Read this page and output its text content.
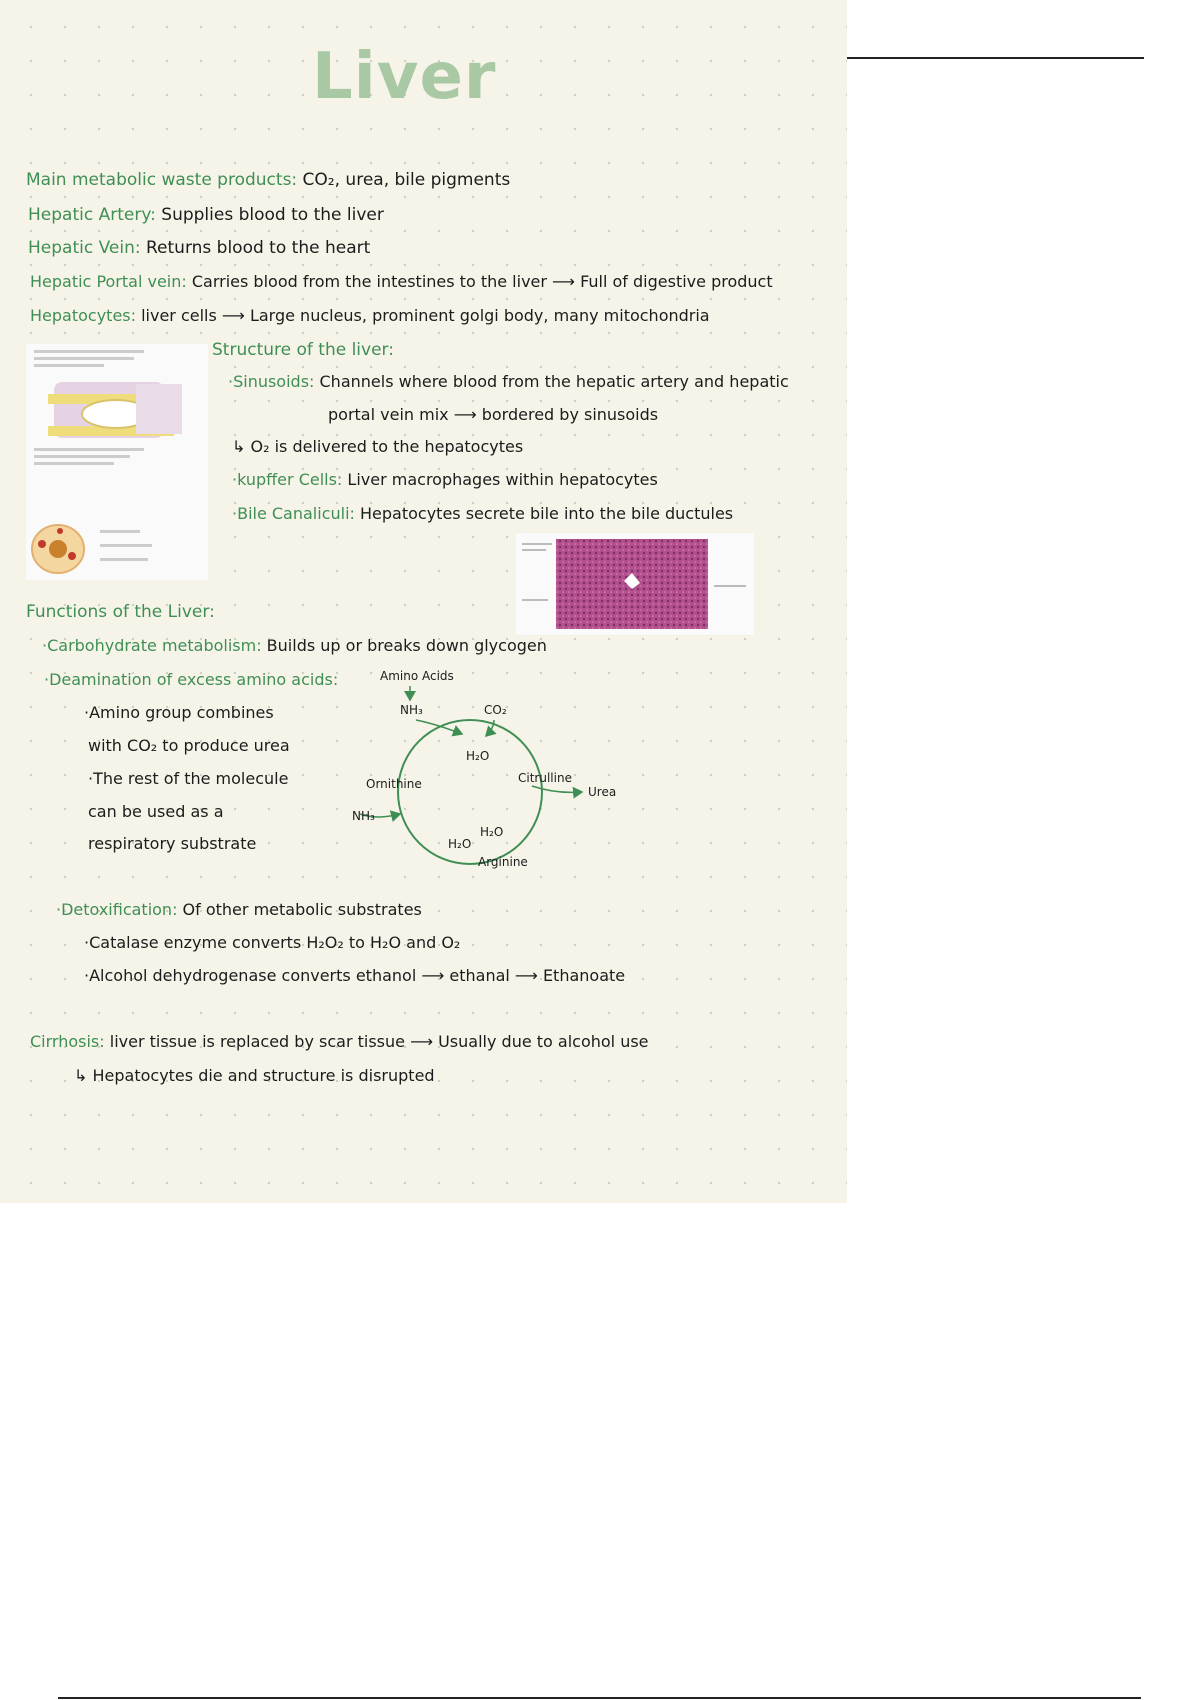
Liver
Main metabolic waste products: CO₂, urea, bile pigments
Hepatic Artery: Supplies blood to the liver
Hepatic Vein: Returns blood to the heart
Hepatic Portal vein: Carries blood from the intestines to the liver ⟶ Full of digestive product
Hepatocytes: liver cells ⟶ Large nucleus, prominent golgi body, many mitochondria
Structure of the liver:
·Sinusoids: Channels where blood from the hepatic artery and hepatic
portal vein mix ⟶ bordered by sinusoids
↳ O₂ is delivered to the hepatocytes
·kupffer Cells: Liver macrophages within hepatocytes
·Bile Canaliculi: Hepatocytes secrete bile into the bile ductules
Functions of the Liver:
·Carbohydrate metabolism: Builds up or breaks down glycogen
·Deamination of excess amino acids:
·Amino group combines
with CO₂ to produce urea
·The rest of the molecule
can be used as a
respiratory substrate
Amino Acids
NH₃	CO₂
H₂O
Ornithine	Citrulline
Urea
NH₃
H₂O
H₂O
Arginine
·Detoxification: Of other metabolic substrates
·Catalase enzyme converts H₂O₂ to H₂O and O₂
·Alcohol dehydrogenase converts ethanol ⟶ ethanal ⟶ Ethanoate
Cirrhosis: liver tissue is replaced by scar tissue ⟶ Usually due to alcohol use
↳ Hepatocytes die and structure is disrupted
